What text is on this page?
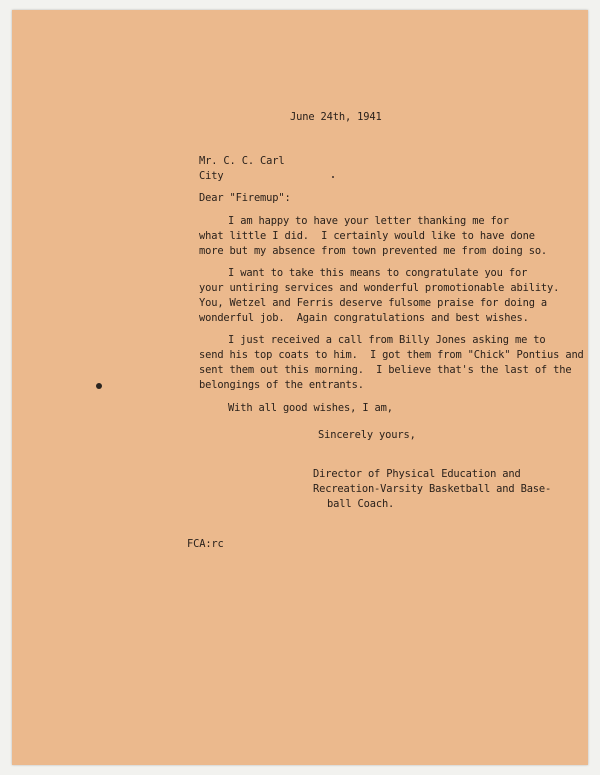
June 24th, 1941
Mr. C. C. Carl
City
Dear "Firemup":
I am happy to have your letter thanking me for
what little I did.  I certainly would like to have done
more but my absence from town prevented me from doing so.
I want to take this means to congratulate you for
your untiring services and wonderful promotionable ability.
You, Wetzel and Ferris deserve fulsome praise for doing a
wonderful job.  Again congratulations and best wishes.
I just received a call from Billy Jones asking me to
send his top coats to him.  I got them from "Chick" Pontius and
sent them out this morning.  I believe that's the last of the
belongings of the entrants.
With all good wishes, I am,
Sincerely yours,
Director of Physical Education and
Recreation-Varsity Basketball and Base-
ball Coach.
FCA:rc
